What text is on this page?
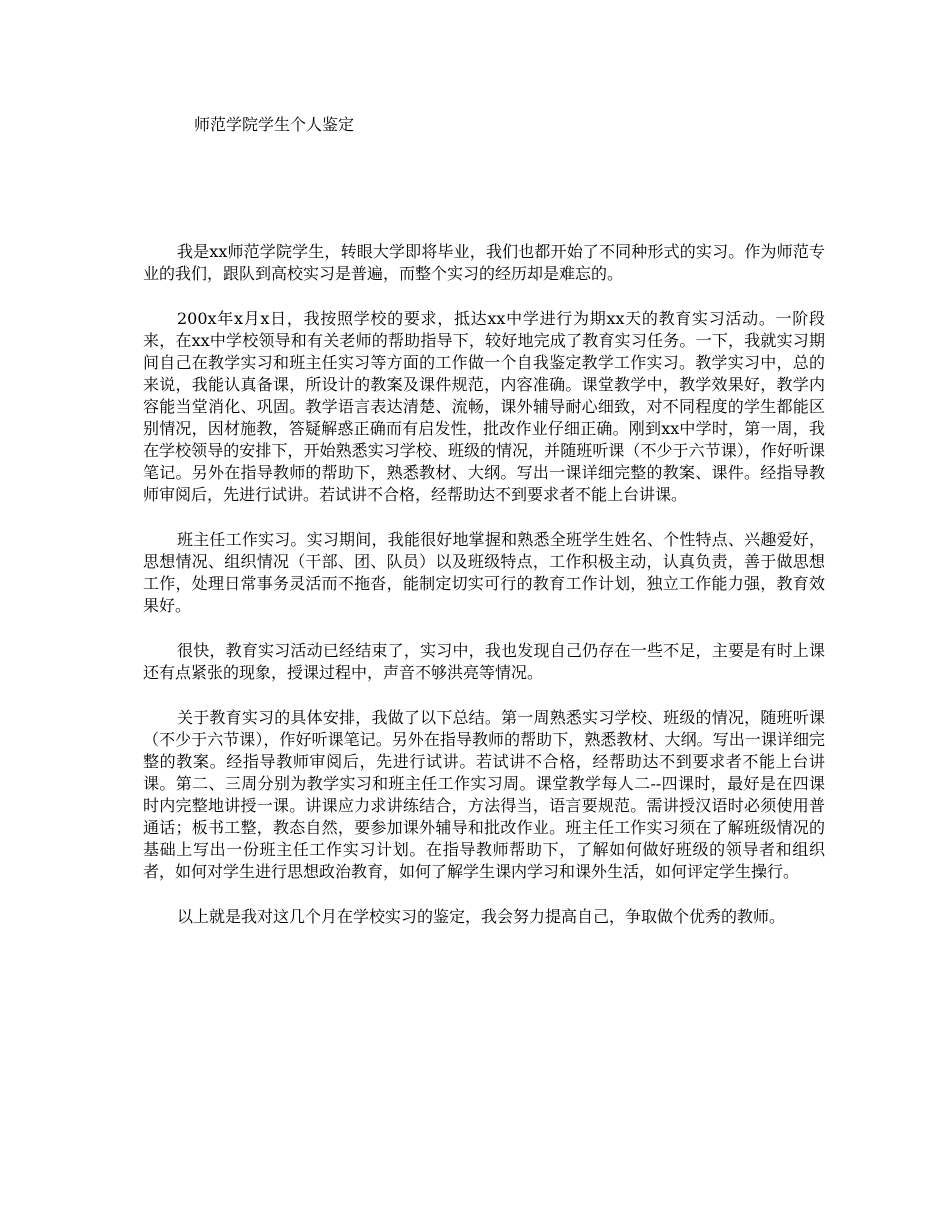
师范学院学生个人鉴定

我是xx师范学院学生，转眼大学即将毕业，我们也都开始了不同种形式的实习。作为师范专业的我们，跟队到高校实习是普遍，而整个实习的经历却是难忘的。

200x年x月x日，我按照学校的要求，抵达xx中学进行为期xx天的教育实习活动。一阶段来，在xx中学校领导和有关老师的帮助指导下，较好地完成了教育实习任务。一下，我就实习期间自己在教学实习和班主任实习等方面的工作做一个自我鉴定教学工作实习。教学实习中，总的来说，我能认真备课，所设计的教案及课件规范，内容准确。课堂教学中，教学效果好，教学内容能当堂消化、巩固。教学语言表达清楚、流畅，课外辅导耐心细致，对不同程度的学生都能区别情况，因材施教，答疑解惑正确而有启发性，批改作业仔细正确。刚到xx中学时，第一周，我在学校领导的安排下，开始熟悉实习学校、班级的情况，并随班听课（不少于六节课），作好听课笔记。另外在指导教师的帮助下，熟悉教材、大纲。写出一课详细完整的教案、课件。经指导教师审阅后，先进行试讲。若试讲不合格，经帮助达不到要求者不能上台讲课。

班主任工作实习。实习期间，我能很好地掌握和熟悉全班学生姓名、个性特点、兴趣爱好，思想情况、组织情况（干部、团、队员）以及班级特点，工作积极主动，认真负责，善于做思想工作，处理日常事务灵活而不拖沓，能制定切实可行的教育工作计划，独立工作能力强，教育效果好。

很快，教育实习活动已经结束了，实习中，我也发现自己仍存在一些不足，主要是有时上课还有点紧张的现象，授课过程中，声音不够洪亮等情况。

关于教育实习的具体安排，我做了以下总结。第一周熟悉实习学校、班级的情况，随班听课（不少于六节课），作好听课笔记。另外在指导教师的帮助下，熟悉教材、大纲。写出一课详细完整的教案。经指导教师审阅后，先进行试讲。若试讲不合格，经帮助达不到要求者不能上台讲课。第二、三周分别为教学实习和班主任工作实习周。课堂教学每人二--四课时，最好是在四课时内完整地讲授一课。讲课应力求讲练结合，方法得当，语言要规范。需讲授汉语时必须使用普通话；板书工整，教态自然，要参加课外辅导和批改作业。班主任工作实习须在了解班级情况的基础上写出一份班主任工作实习计划。在指导教师帮助下，了解如何做好班级的领导者和组织者，如何对学生进行思想政治教育，如何了解学生课内学习和课外生活，如何评定学生操行。

以上就是我对这几个月在学校实习的鉴定，我会努力提高自己，争取做个优秀的教师。
